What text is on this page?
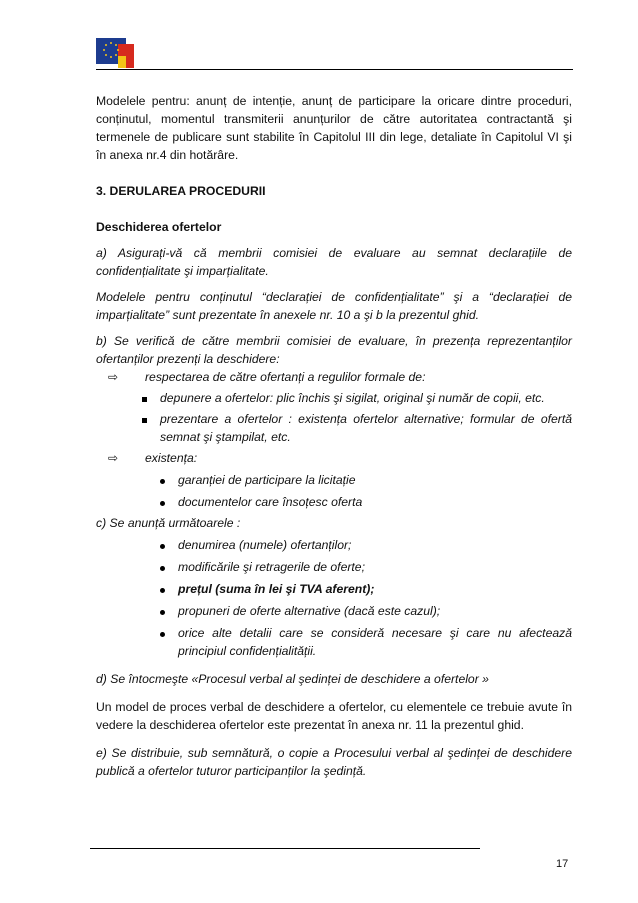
Modelele pentru: anunț de intenție, anunț de participare la oricare dintre proceduri, conținutul, momentul transmiterii anunțurilor de către autoritatea contractantă şi termenele de publicare sunt stabilite în Capitolul III din lege, detaliate în Capitolul VI şi în anexa nr.4 din hotărâre.

3. DERULAREA PROCEDURII

Deschiderea ofertelor

a) Asigurați-vă că membrii comisiei de evaluare au semnat declarațiile de confidențialitate şi imparțialitate.

Modelele pentru conținutul “declarației de confidențialitate” şi a “declarației de imparțialitate” sunt prezentate în anexele nr. 10 a şi b la prezentul ghid.

b) Se verifică de către membrii comisiei de evaluare, în prezența reprezentanților ofertanților prezenți la deschidere:

⇨ respectarea de către ofertanți a regulilor formale de:
depunere a ofertelor: plic închis şi sigilat, original şi număr de copii, etc.
prezentare a ofertelor : existența ofertelor alternative; formular de ofertă semnat şi ştampilat, etc.
⇨ existența:
garanției de participare la licitație
documentelor care însoțesc oferta

c) Se anunță următoarele :

denumirea (numele) ofertanților;
modificările şi retragerile de oferte;
prețul (suma în lei şi TVA aferent);
propuneri de oferte alternative (dacă este cazul);
orice alte detalii care se consideră necesare şi care nu afectează principiul confidențialității.

d) Se întocmeşte «Procesul verbal al şedinței de deschidere a ofertelor »

Un model de proces verbal de deschidere a ofertelor, cu elementele ce trebuie avute în vedere la deschiderea ofertelor este prezentat în anexa nr. 11 la prezentul ghid.

e) Se distribuie, sub semnătură, o copie a Procesului verbal al şedinței de deschidere publică a ofertelor tuturor participanților la şedință.

17
